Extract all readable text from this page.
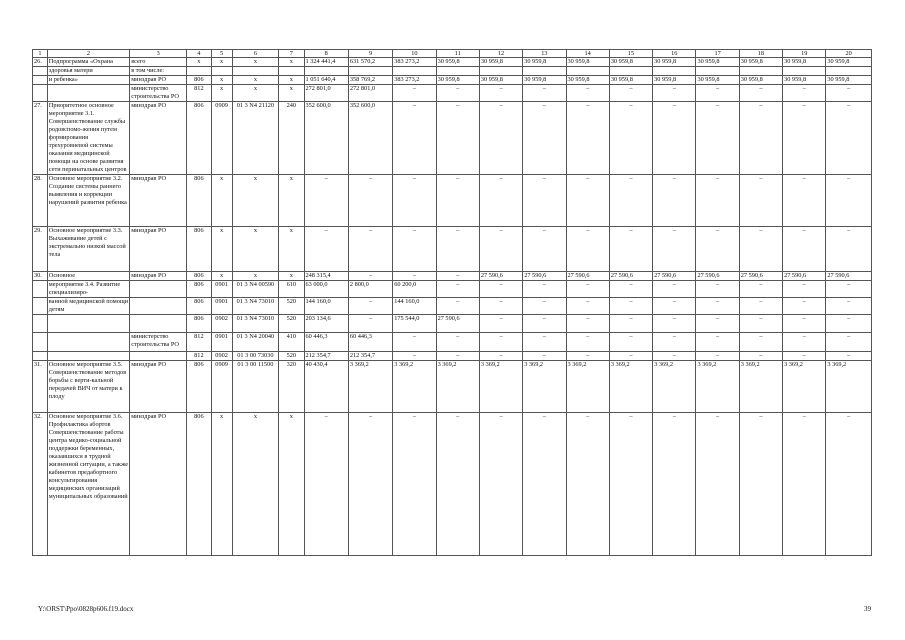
1	2	3	4	5	6	7	8	9	10	11	12	13	14	15	16	17	18	19	20
26.	Подпрограмма «Охрана	всего	х	х	х	х	1 324 441,4	631 570,2	383 273,2	30 959,8	30 959,8	30 959,8	30 959,8	30 959,8	30 959,8	30 959,8	30 959,8	30 959,8	30 959,8
	здоровья матери	в том числе:																	
	и ребенка»	минздрав РО	806	х	х	х	1 051 640,4	358 769,2	383 273,2	30 959,8	30 959,8	30 959,8	30 959,8	30 959,8	30 959,8	30 959,8	30 959,8	30 959,8	30 959,8
		министерство строительства РО	812	х	х	х	272 801,0	272 801,0	–	–	–	–	–	–	–	–	–	–	–
27.	Приоритетное основное мероприятие 3.1. Совершенствование службы родовспомо-жения путем формирования трехуровневой системы оказания медицинской помощи на основе развития сети перинатальных центров	минздрав РО	806	0909	01 3 N4 21120	240	352 600,0	352 600,0	–	–	–	–	–	–	–	–	–	–	–
28.	Основное мероприятие 3.2. Создание системы раннего выявления и коррекции нарушений развития ребенка	минздрав РО	806	х	х	х	–	–	–	–	–	–	–	–	–	–	–	–	–
29.	Основное мероприятие 3.3. Выхаживание детей с экстремально низкой массой тела	минздрав РО	806	х	х	х	–	–	–	–	–	–	–	–	–	–	–	–	–
30.	Основное	минздрав РО	806	х	х	х	248 315,4	–	–	–	27 590,6	27 590,6	27 590,6	27 590,6	27 590,6	27 590,6	27 590,6	27 590,6	27 590,6
	мероприятие 3.4. Развитие специализиро-		806	0901	01 3 N4 00590	610	63 000,0	2 800,0	60 200,0	–	–	–	–	–	–	–	–	–	–
	ванной медицинской помощи детям		806	0901	01 3 N4 73010	520	144 160,0	–	144 160,0	–	–	–	–	–	–	–	–	–	–
			806	0902	01 3 N4 73010	520	203 134,6	–	175 544,0	27 590,6	–	–	–	–	–	–	–	–	–
		министерство строительства РО	812	0901	01 3 N4 20040	410	60 446,3	60 446,3	–	–	–	–	–	–	–	–	–	–	–
			812	0902	01 3 00 73030	520	212 354,7	212 354,7	–	–	–	–	–	–	–	–	–	–	–
31.	Основное мероприятие 3.5. Совершенствование методов борьбы с верти-кальной передачей ВИЧ от матери к плоду	минздрав РО	806	0909	01 3 00 11500	320	40 430,4	3 369,2	3 369,2	3 369,2	3 369,2	3 369,2	3 369,2	3 369,2	3 369,2	3 369,2	3 369,2	3 369,2	3 369,2
32.	Основное мероприятие 3.6. Профилактика абортов Совершенствование работы центра медико-социальной поддержки беременных, оказавшихся в трудной жизненной ситуации, а также кабинетов предабортного консультирования медицинских организаций муниципальных образований	минздрав РО	806	х	х	х	–	–	–	–	–	–	–	–	–	–	–	–	–
Y:\ORST\Ppo\0828p606.f19.docx	39
